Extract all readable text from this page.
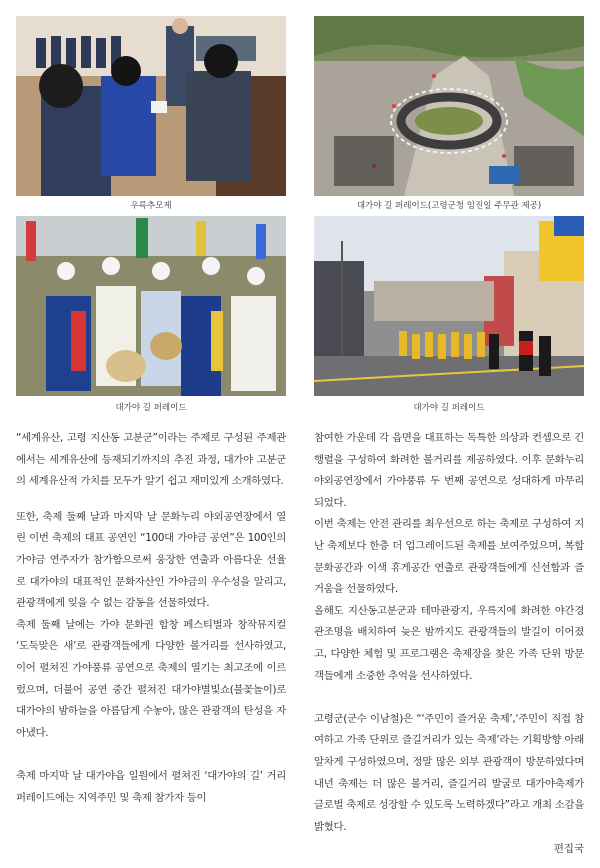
우륵추모제	대가야 길 퍼레이드(고령군청 임진일 주무관 제공)
대가야 길 퍼레이드	대가야 길 퍼레이드

“세계유산, 고령 지산동 고분군”이라는 주제로 구성된 주제관에서는 세계유산에 등재되기까지의 추진 과정, 대가야 고분군의 세계유산적 가치를 모두가 알기 쉽고 재미있게 소개하였다.

또한, 축제 둘째 날과 마지막 날 문화누리 야외공연장에서 열린 이번 축제의 대표 공연인 “100대 가야금 공연”은 100인의 가야금 연주자가 참가함으로써 웅장한 연출과 아름다운 선율로 대가야의 대표적인 문화자산인 가야금의 우수성을 알리고, 관광객에게 잊을 수 없는 감동을 선물하였다.

축제 둘째 날에는 가야 문화권 합창 페스티벌과 창작뮤지컬 ‘도둑맞은 새’로 관광객들에게 다양한 볼거리를 선사하였고, 이어 펼쳐진 가야풍류 공연으로 축제의 열기는 최고조에 이르렀으며, 더불어 공연 중간 펼쳐진 대가야별빛쇼(불꽃놀이)로 대가야의 밤하늘을 아름답게 수놓아, 많은 관광객의 탄성을 자아냈다.

축제 마지막 날 대가야읍 일원에서 펼쳐진 ‘대가야의 길’ 거리 퍼레이드에는 지역주민 및 축제 참가자 등이

참여한 가운데 각 읍면을 대표하는 독특한 의상과 컨셉으로 긴 행렬을 구성하여 화려한 볼거리를 제공하였다. 이후 문화누리 야외공연장에서 가야풍류 두 번째 공연으로 성대하게 마무리되었다.

이번 축제는 안전 관리를 최우선으로 하는 축제로 구성하여 지난 축제보다 한층 더 업그레이드된 축제를 보여주었으며, 복합문화공간과 이색 휴게공간 연출로 관광객들에게 신선함과 즐거움을 선물하였다.

올해도 지산동고분군과 테마관광지, 우륵지에 화려한 야간경관조명을 배치하여 늦은 밤까지도 관광객들의 발길이 이어졌고, 다양한 체험 및 프로그램은 축제장을 찾은 가족 단위 방문객들에게 소중한 추억을 선사하였다.

고령군(군수 이남철)은 “‘주민이 즐거운 축제’,‘주민이 직접 참여하고 가족 단위로 즐길거리가 있는 축제’라는 기획방향 아래 알차게 구성하였으며, 정말 많은 외부 관광객이 방문하였다며 내년 축제는 더 많은 볼거리, 즐길거리 발굴로 대가야축제가 글로벌 축제로 성장할 수 있도록 노력하겠다”라고 개최 소감을 밝혔다.

편집국
